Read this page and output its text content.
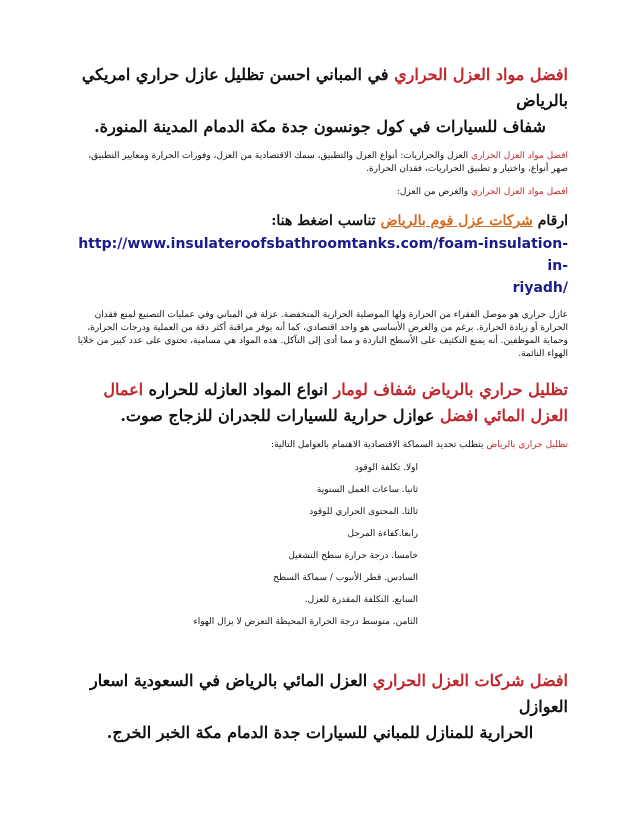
افضل مواد العزل الحراري في المباني احسن تظليل عازل حراري امريكي بالرياض

شفاف للسيارات في كول جونسون جدة مكة الدمام المدينة المنورة.

افضل مواد العزل الحراري العزل والحراريات: أنواع العزل والتطبيق، سمك الاقتصادية من العزل، وفورات الحرارة ومعايير التطبيق، صهر أنواع، واختيار و تطبيق الحراريات، فقدان الحرارة.

افضل مواد العزل الحراري والغرض من العزل:

ارقام شركات عزل فوم بالرياض تناسب اضغط هنا:

http://www.insulateroofsbathroomtanks.com/foam-insulation-in-
riyadh/

عازل حراري هو موصل الفقراء من الحرارة ولها الموصلية الحرارية المنخفضة. عزلة في المباني وفي عمليات التصنيع لمنع فقدان الحرارة أو زيادة الحرارة. برغم من والغرض الأساسي هو واحد اقتصادي، كما أنه يوفر مراقبة أكثر دقة من العملية ودرجات الحرارة، وحماية الموظفين. أنه يمنع التكثيف على الأسطح الباردة و مما أدى إلى التآكل. هذه المواد هي مسامية، تحتوي على عدد كبير من خلايا الهواء النائمة.

تظليل حراري بالرياض شفاف لومار انواع المواد العازله للحراره اعمال العزل المائي افضل عوازل حرارية للسيارات للجدران للزجاج صوت.

تظليل حراري بالرياض يتطلب تحديد السماكة الاقتصادية الاهتمام بالعوامل التالية:

اولا. تكلفة الوقود
ثانيا. ساعات العمل السنوية
ثالثا. المحتوى الحراري للوقود
رابعا.كفاءة المرجل
خامسا. درجة حرارة سطح التشغيل
السادس. قطر الأنبوب / سماكة السطح
السابع. التكلفة المقدرة للعزل.
الثامن. متوسط درجة الحرارة المحيطة التعرض لا يزال الهواء

افضل شركات العزل الحراري العزل المائي بالرياض في السعودية اسعار العوازل

الحرارية للمنازل للمباني للسيارات جدة الدمام مكة الخبر الخرج.
